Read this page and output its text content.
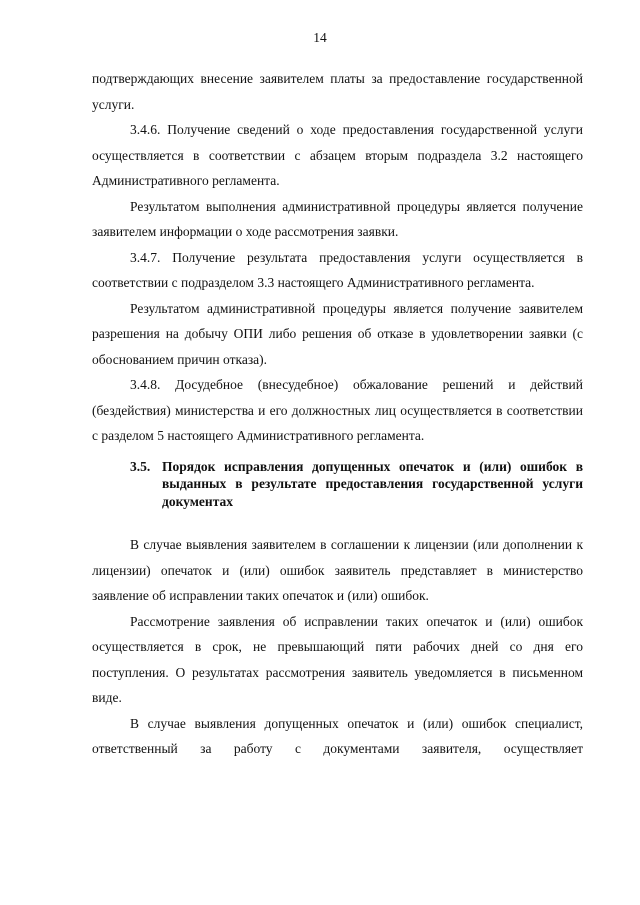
14

подтверждающих внесение заявителем платы за предоставление государственной услуги.

3.4.6. Получение сведений о ходе предоставления государственной услуги осуществляется в соответствии с абзацем вторым подраздела 3.2 настоящего Административного регламента.

Результатом выполнения административной процедуры является получение заявителем информации о ходе рассмотрения заявки.

3.4.7. Получение результата предоставления услуги осуществляется в соответствии с подразделом 3.3 настоящего Административного регламента.

Результатом административной процедуры является получение заявителем разрешения на добычу ОПИ либо решения об отказе в удовлетворении заявки (с обоснованием причин отказа).

3.4.8. Досудебное (внесудебное) обжалование решений и действий (бездействия) министерства и его должностных лиц осуществляется в соответствии с разделом 5 настоящего Административного регламента.

3.5. Порядок исправления допущенных опечаток и (или) ошибок в выданных в результате предоставления государственной услуги документах

В случае выявления заявителем в соглашении к лицензии (или дополнении к лицензии) опечаток и (или) ошибок заявитель представляет в министерство заявление об исправлении таких опечаток и (или) ошибок.

Рассмотрение заявления об исправлении таких опечаток и (или) ошибок осуществляется в срок, не превышающий пяти рабочих дней со дня его поступления. О результатах рассмотрения заявитель уведомляется в письменном виде.

В случае выявления допущенных опечаток и (или) ошибок специалист, ответственный за работу с документами заявителя, осуществляет
